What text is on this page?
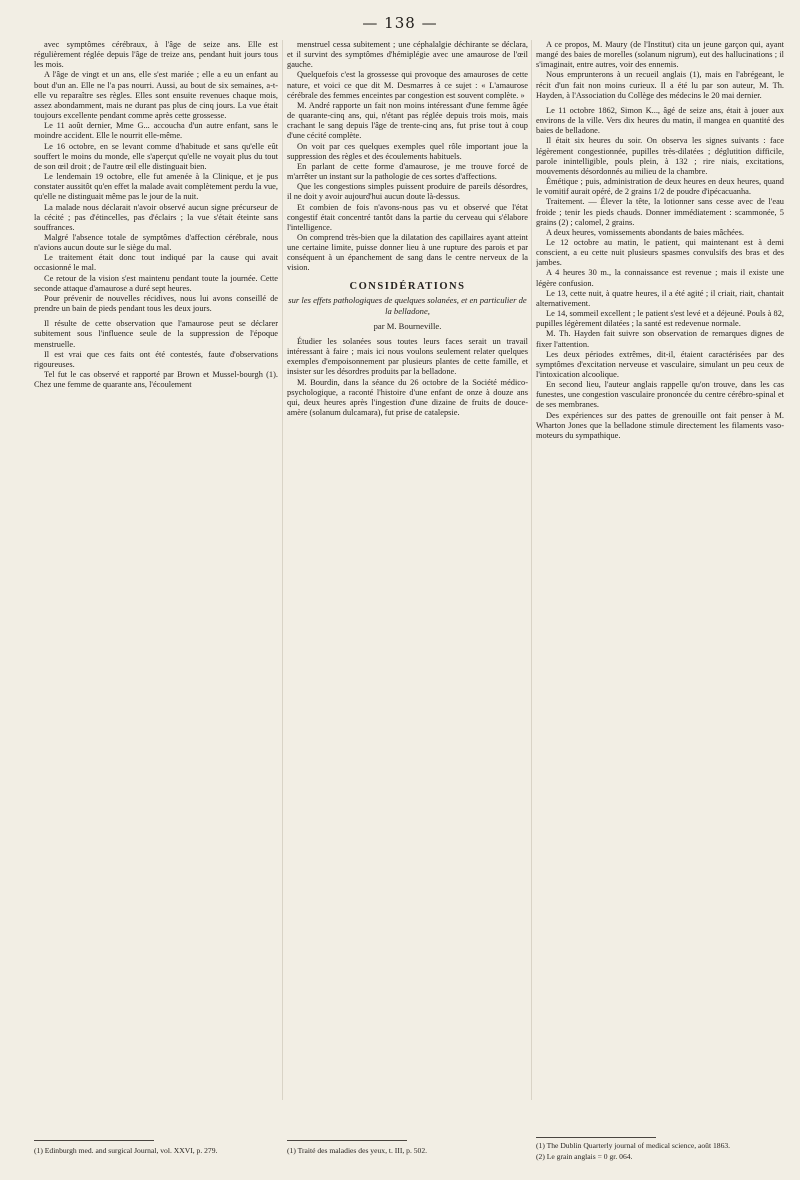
— 138 —

avec symptômes cérébraux, à l'âge de seize ans. Elle est régulièrement réglée depuis l'âge de treize ans, pendant huit jours tous les mois.

A l'âge de vingt et un ans, elle s'est mariée ; elle a eu un enfant au bout d'un an. Elle ne l'a pas nourri. Aussi, au bout de six semaines, a-t-elle vu reparaître ses règles. Elles sont ensuite revenues chaque mois, assez abondamment, mais ne durant pas plus de cinq jours. La vue était toujours excellente pendant comme après cette grossesse.

Le 11 août dernier, Mme G... accoucha d'un autre enfant, sans le moindre accident. Elle le nourrit elle-même.

Le 16 octobre, en se levant comme d'habitude et sans qu'elle eût souffert le moins du monde, elle s'aperçut qu'elle ne voyait plus du tout de son œil droit ; de l'autre œil elle distinguait bien.

Le lendemain 19 octobre, elle fut amenée à la Clinique, et je pus constater aussitôt qu'en effet la malade avait complètement perdu la vue, qu'elle ne distinguait même pas le jour de la nuit.

La malade nous déclarait n'avoir observé aucun signe précurseur de la cécité ; pas d'étincelles, pas d'éclairs ; la vue s'était éteinte sans souffrances.

Malgré l'absence totale de symptômes d'affection cérébrale, nous n'avions aucun doute sur le siège du mal.

Le traitement était donc tout indiqué par la cause qui avait occasionné le mal.

Ce retour de la vision s'est maintenu pendant toute la journée. Cette seconde attaque d'amaurose a duré sept heures.

Pour prévenir de nouvelles récidives, nous lui avons conseillé de prendre un bain de pieds pendant tous les deux jours.

Il résulte de cette observation que l'amaurose peut se déclarer subitement sous l'influence seule de la suppression de l'époque menstruelle.

Il est vrai que ces faits ont été contestés, faute d'observations rigoureuses.

Tel fut le cas observé et rapporté par Brown et Mussel-bourgh (1). Chez une femme de quarante ans, l'écoulement

menstruel cessa subitement ; une céphalalgie déchirante se déclara, et il survint des symptômes d'hémiplégie avec une amaurose de l'œil gauche.

Quelquefois c'est la grossesse qui provoque des amauroses de cette nature, et voici ce que dit M. Desmarres à ce sujet : « L'amaurose cérébrale des femmes enceintes par congestion est souvent complète. »

M. André rapporte un fait non moins intéressant d'une femme âgée de quarante-cinq ans, qui, n'étant pas réglée depuis trois mois, mais crachant le sang depuis l'âge de trente-cinq ans, fut prise tout à coup d'une cécité complète.

On voit par ces quelques exemples quel rôle important joue la suppression des règles et des écoulements habituels.

En parlant de cette forme d'amaurose, je me trouve forcé de m'arrêter un instant sur la pathologie de ces sortes d'affections.

Que les congestions simples puissent produire de pareils désordres, il ne doit y avoir aujourd'hui aucun doute là-dessus.

Et combien de fois n'avons-nous pas vu et observé que l'état congestif était concentré tantôt dans la partie du cerveau qui s'élabore l'intelligence.

On comprend très-bien que la dilatation des capillaires ayant atteint une certaine limite, puisse donner lieu à une rupture des parois et par conséquent à un épanchement de sang dans le centre nerveux de la vision.

CONSIDÉRATIONS
sur les effets pathologiques de quelques solanées, et en particulier de la belladone,
par M. Bourneville.

Étudier les solanées sous toutes leurs faces serait un travail intéressant à faire ; mais ici nous voulons seulement relater quelques exemples d'empoisonnement par plusieurs plantes de cette famille, et insister sur les désordres produits par la belladone.

M. Bourdin, dans la séance du 26 octobre de la Société médico-psychologique, a raconté l'histoire d'une enfant de onze à douze ans qui, deux heures après l'ingestion d'une dizaine de fruits de douce-amère (solanum dulcamara), fut prise de catalepsie.

A ce propos, M. Maury (de l'Institut) cita un jeune garçon qui, ayant mangé des baies de morelles (solanum nigrum), eut des hallucinations ; il s'imaginait, entre autres, voir des ennemis.

Nous emprunterons à un recueil anglais (1), mais en l'abrégeant, le récit d'un fait non moins curieux. Il a été lu par son auteur, M. Th. Hayden, à l'Association du Collège des médecins le 20 mai dernier.

Le 11 octobre 1862, Simon K..., âgé de seize ans, était à jouer aux environs de la ville. Vers dix heures du matin, il mangea en quantité des baies de belladone.

Il était six heures du soir. On observa les signes suivants : face légèrement congestionnée, pupilles très-dilatées ; déglutition difficile, parole inintelligible, pouls plein, à 132 ; rire niais, excitations, mouvements désordonnés au milieu de la chambre.

Émétique ; puis, administration de deux heures en deux heures, quand le vomitif aurait opéré, de 2 grains 1/2 de poudre d'ipécacuanha.

Traitement. — Élever la tête, la lotionner sans cesse avec de l'eau froide ; tenir les pieds chauds. Donner immédiatement : scammonée, 5 grains (2) ; calomel, 2 grains.

A deux heures, vomissements abondants de baies mâchées.

Le 12 octobre au matin, le patient, qui maintenant est à demi conscient, a eu cette nuit plusieurs spasmes convulsifs des bras et des jambes.

A 4 heures 30 m., la connaissance est revenue ; mais il existe une légère confusion.

Le 13, cette nuit, à quatre heures, il a été agité ; il criait, riait, chantait alternativement.

Le 14, sommeil excellent ; le patient s'est levé et a déjeuné. Pouls à 82, pupilles légèrement dilatées ; la santé est redevenue normale.

M. Th. Hayden fait suivre son observation de remarques dignes de fixer l'attention.

Les deux périodes extrêmes, dit-il, étaient caractérisées par des symptômes d'excitation nerveuse et vasculaire, simulant un peu ceux de l'intoxication alcoolique.

En second lieu, l'auteur anglais rappelle qu'on trouve, dans les cas funestes, une congestion vasculaire prononcée du centre cérébro-spinal et de ses membranes.

Des expériences sur des pattes de grenouille ont fait penser à M. Wharton Jones que la belladone stimule directement les filaments vaso-moteurs du sympathique.

(1) Edinburgh med. and surgical Journal, vol. XXVI, p. 279.	(1) Traité des maladies des yeux, t. III, p. 502.
(1) The Dublin Quarterly journal of medical science, août 1863.
(2) Le grain anglais = 0 gr. 064.
